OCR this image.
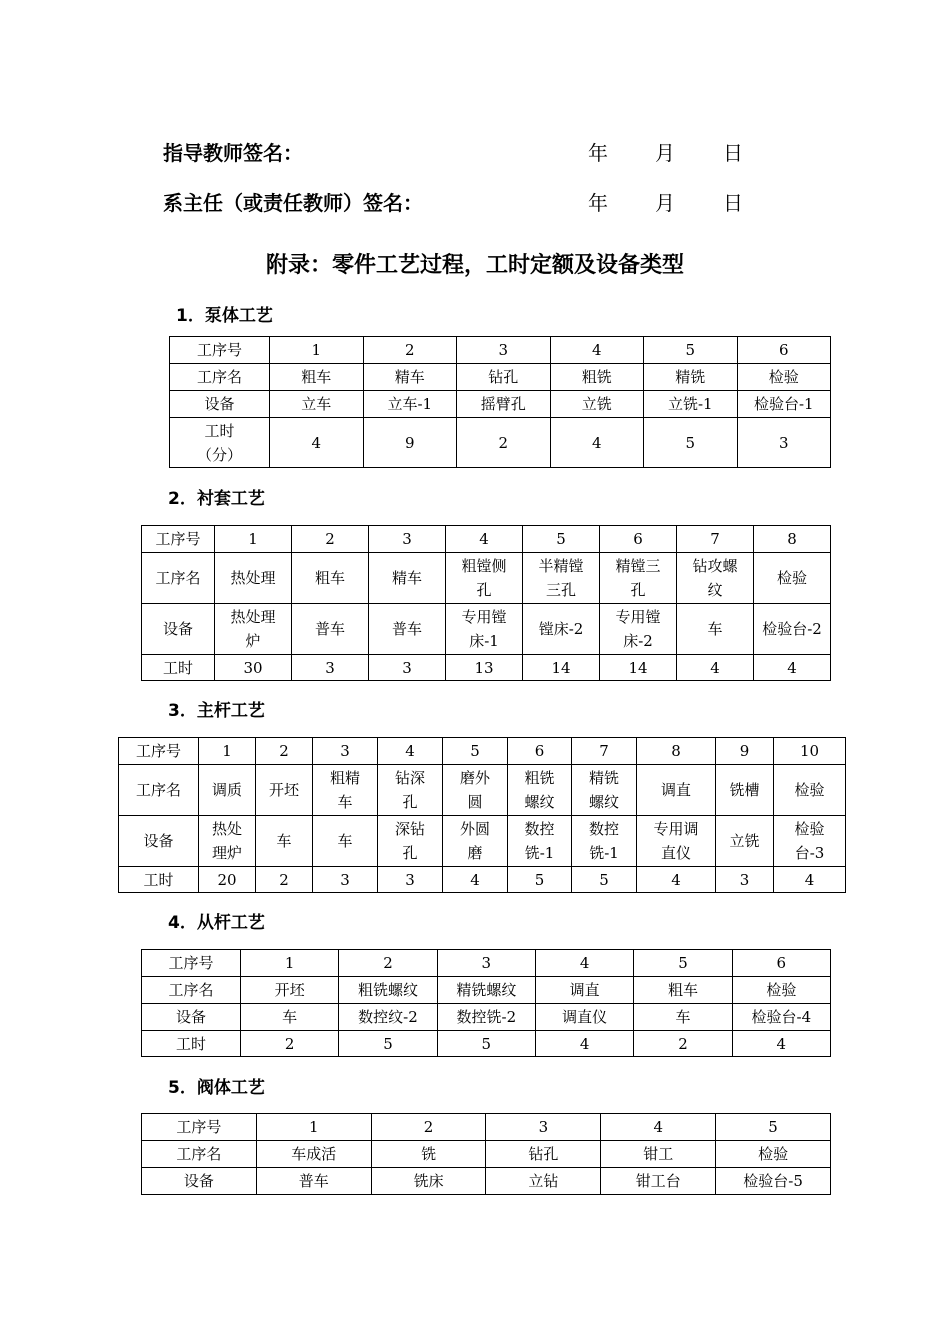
指导教师签名：	年 月 日
系主任（或责任教师）签名：	年 月 日
附录：零件工艺过程，工时定额及设备类型
1．泵体工艺
工序号	1	2	3	4	5	6
工序名	粗车	精车	钻孔	粗铣	精铣	检验
设备	立车	立车-1	摇臂孔	立铣	立铣-1	检验台-1
工时（分）	4	9	2	4	5	3
2．衬套工艺
工序号	1	2	3	4	5	6	7	8
工序名	热处理	粗车	精车	粗镗侧孔	半精镗三孔	精镗三孔	钻攻螺纹	检验
设备	热处理炉	普车	普车	专用镗床-1	镗床-2	专用镗床-2	车	检验台-2
工时	30	3	3	13	14	14	4	4
3．主杆工艺
工序号	1	2	3	4	5	6	7	8	9	10
工序名	调质	开坯	粗精车	钻深孔	磨外圆	粗铣螺纹	精铣螺纹	调直	铣槽	检验
设备	热处理炉	车	车	深钻孔	外圆磨	数控铣-1	数控铣-1	专用调直仪	立铣	检验台-3
工时	20	2	3	3	4	5	5	4	3	4
4．从杆工艺
工序号	1	2	3	4	5	6
工序名	开坯	粗铣螺纹	精铣螺纹	调直	粗车	检验
设备	车	数控纹-2	数控铣-2	调直仪	车	检验台-4
工时	2	5	5	4	2	4
5．阀体工艺
工序号	1	2	3	4	5
工序名	车成活	铣	钻孔	钳工	检验
设备	普车	铣床	立钻	钳工台	检验台-5
